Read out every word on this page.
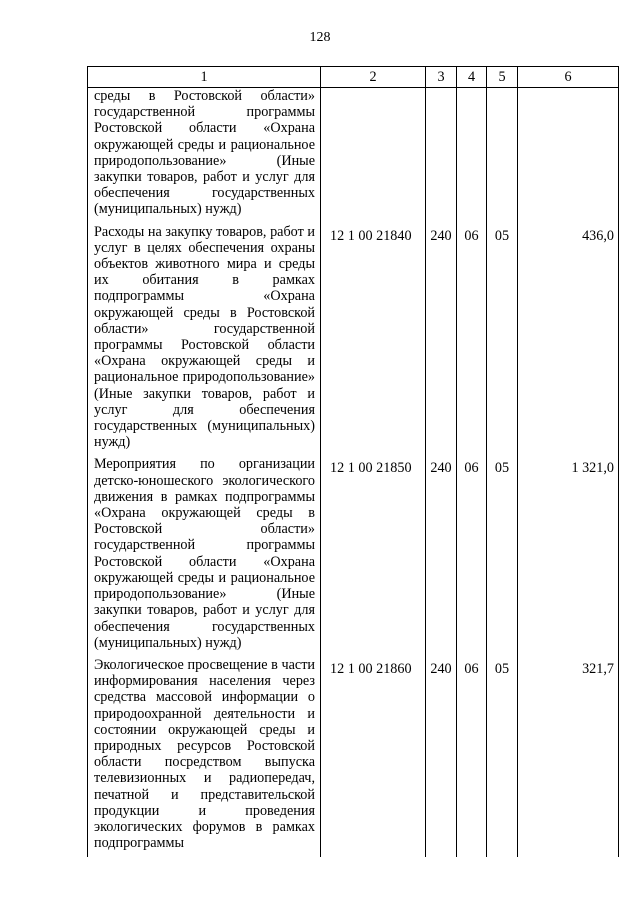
128
1	2	3	4	5	6

среды в Ростовской области» государственной программы Ростовской области «Охрана окружающей среды и рациональное природопользование» (Иные закупки товаров, работ и услуг для обеспечения государственных (муниципальных) нужд)					

Расходы на закупку товаров, работ и услуг в целях обеспечения охраны объектов животного мира и среды их обитания в рамках подпрограммы «Охрана окружающей среды в Ростовской области» государственной программы Ростовской области «Охрана окружающей среды и рациональное природопользование» (Иные закупки товаров, работ и услуг для обеспечения государственных (муниципальных) нужд)	12 1 00 21840	240	06	05	436,0

Мероприятия по организации детско-юношеского экологического движения в рамках подпрограммы «Охрана окружающей среды в Ростовской области» государственной программы Ростовской области «Охрана окружающей среды и рациональное природопользование» (Иные закупки товаров, работ и услуг для обеспечения государственных (муниципальных) нужд)	12 1 00 21850	240	06	05	1 321,0

Экологическое просвещение в части информирования населения через средства массовой информации о природоохранной деятельности и состоянии окружающей среды и природных ресурсов Ростовской области посредством выпуска телевизионных и радиопередач, печатной и представительской продукции и проведения экологических форумов в рамках подпрограммы	12 1 00 21860	240	06	05	321,7
